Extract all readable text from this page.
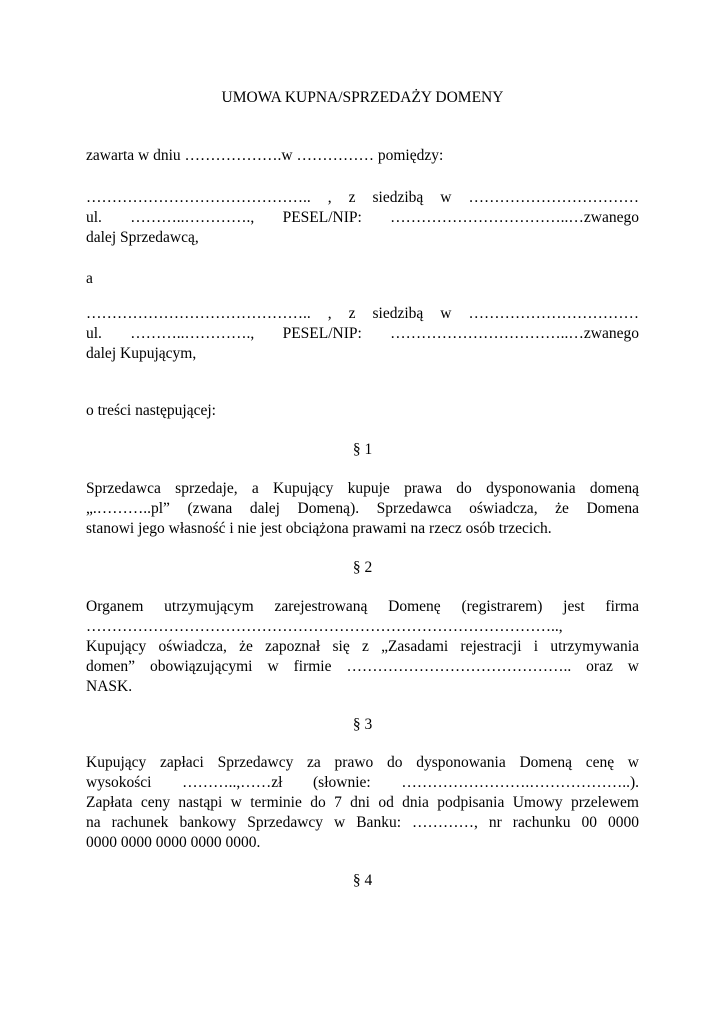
UMOWA KUPNA/SPRZEDAŻY DOMENY
zawarta w dniu ……………….w …………… pomiędzy:
…………………………………….. , z siedzibą w ……………………………
ul. ………..…………., PESEL/NIP: ……………………………..…zwanego
dalej Sprzedawcą,
a
…………………………………….. , z siedzibą w ……………………………
ul. ………..…………., PESEL/NIP: ……………………………..…zwanego
dalej Kupującym,
o treści następującej:
§ 1
Sprzedawca sprzedaje, a Kupujący kupuje prawa do dysponowania domeną
„.………..pl” (zwana dalej Domeną). Sprzedawca oświadcza, że Domena
stanowi jego własność i nie jest obciążona prawami na rzecz osób trzecich.
§ 2
Organem utrzymującym zarejestrowaną Domenę (registrarem) jest firma
………………………………………………………………………………..,
Kupujący oświadcza, że zapoznał się z „Zasadami rejestracji i utrzymywania
domen” obowiązującymi w firmie …………………………………….. oraz w
NASK.
§ 3
Kupujący zapłaci Sprzedawcy za prawo do dysponowania Domeną cenę w
wysokości ………..,……zł (słownie: …………………….………………..).
Zapłata ceny nastąpi w terminie do 7 dni od dnia podpisania Umowy przelewem
na rachunek bankowy Sprzedawcy w Banku: …………, nr rachunku 00 0000
0000 0000 0000 0000 0000.
§ 4
